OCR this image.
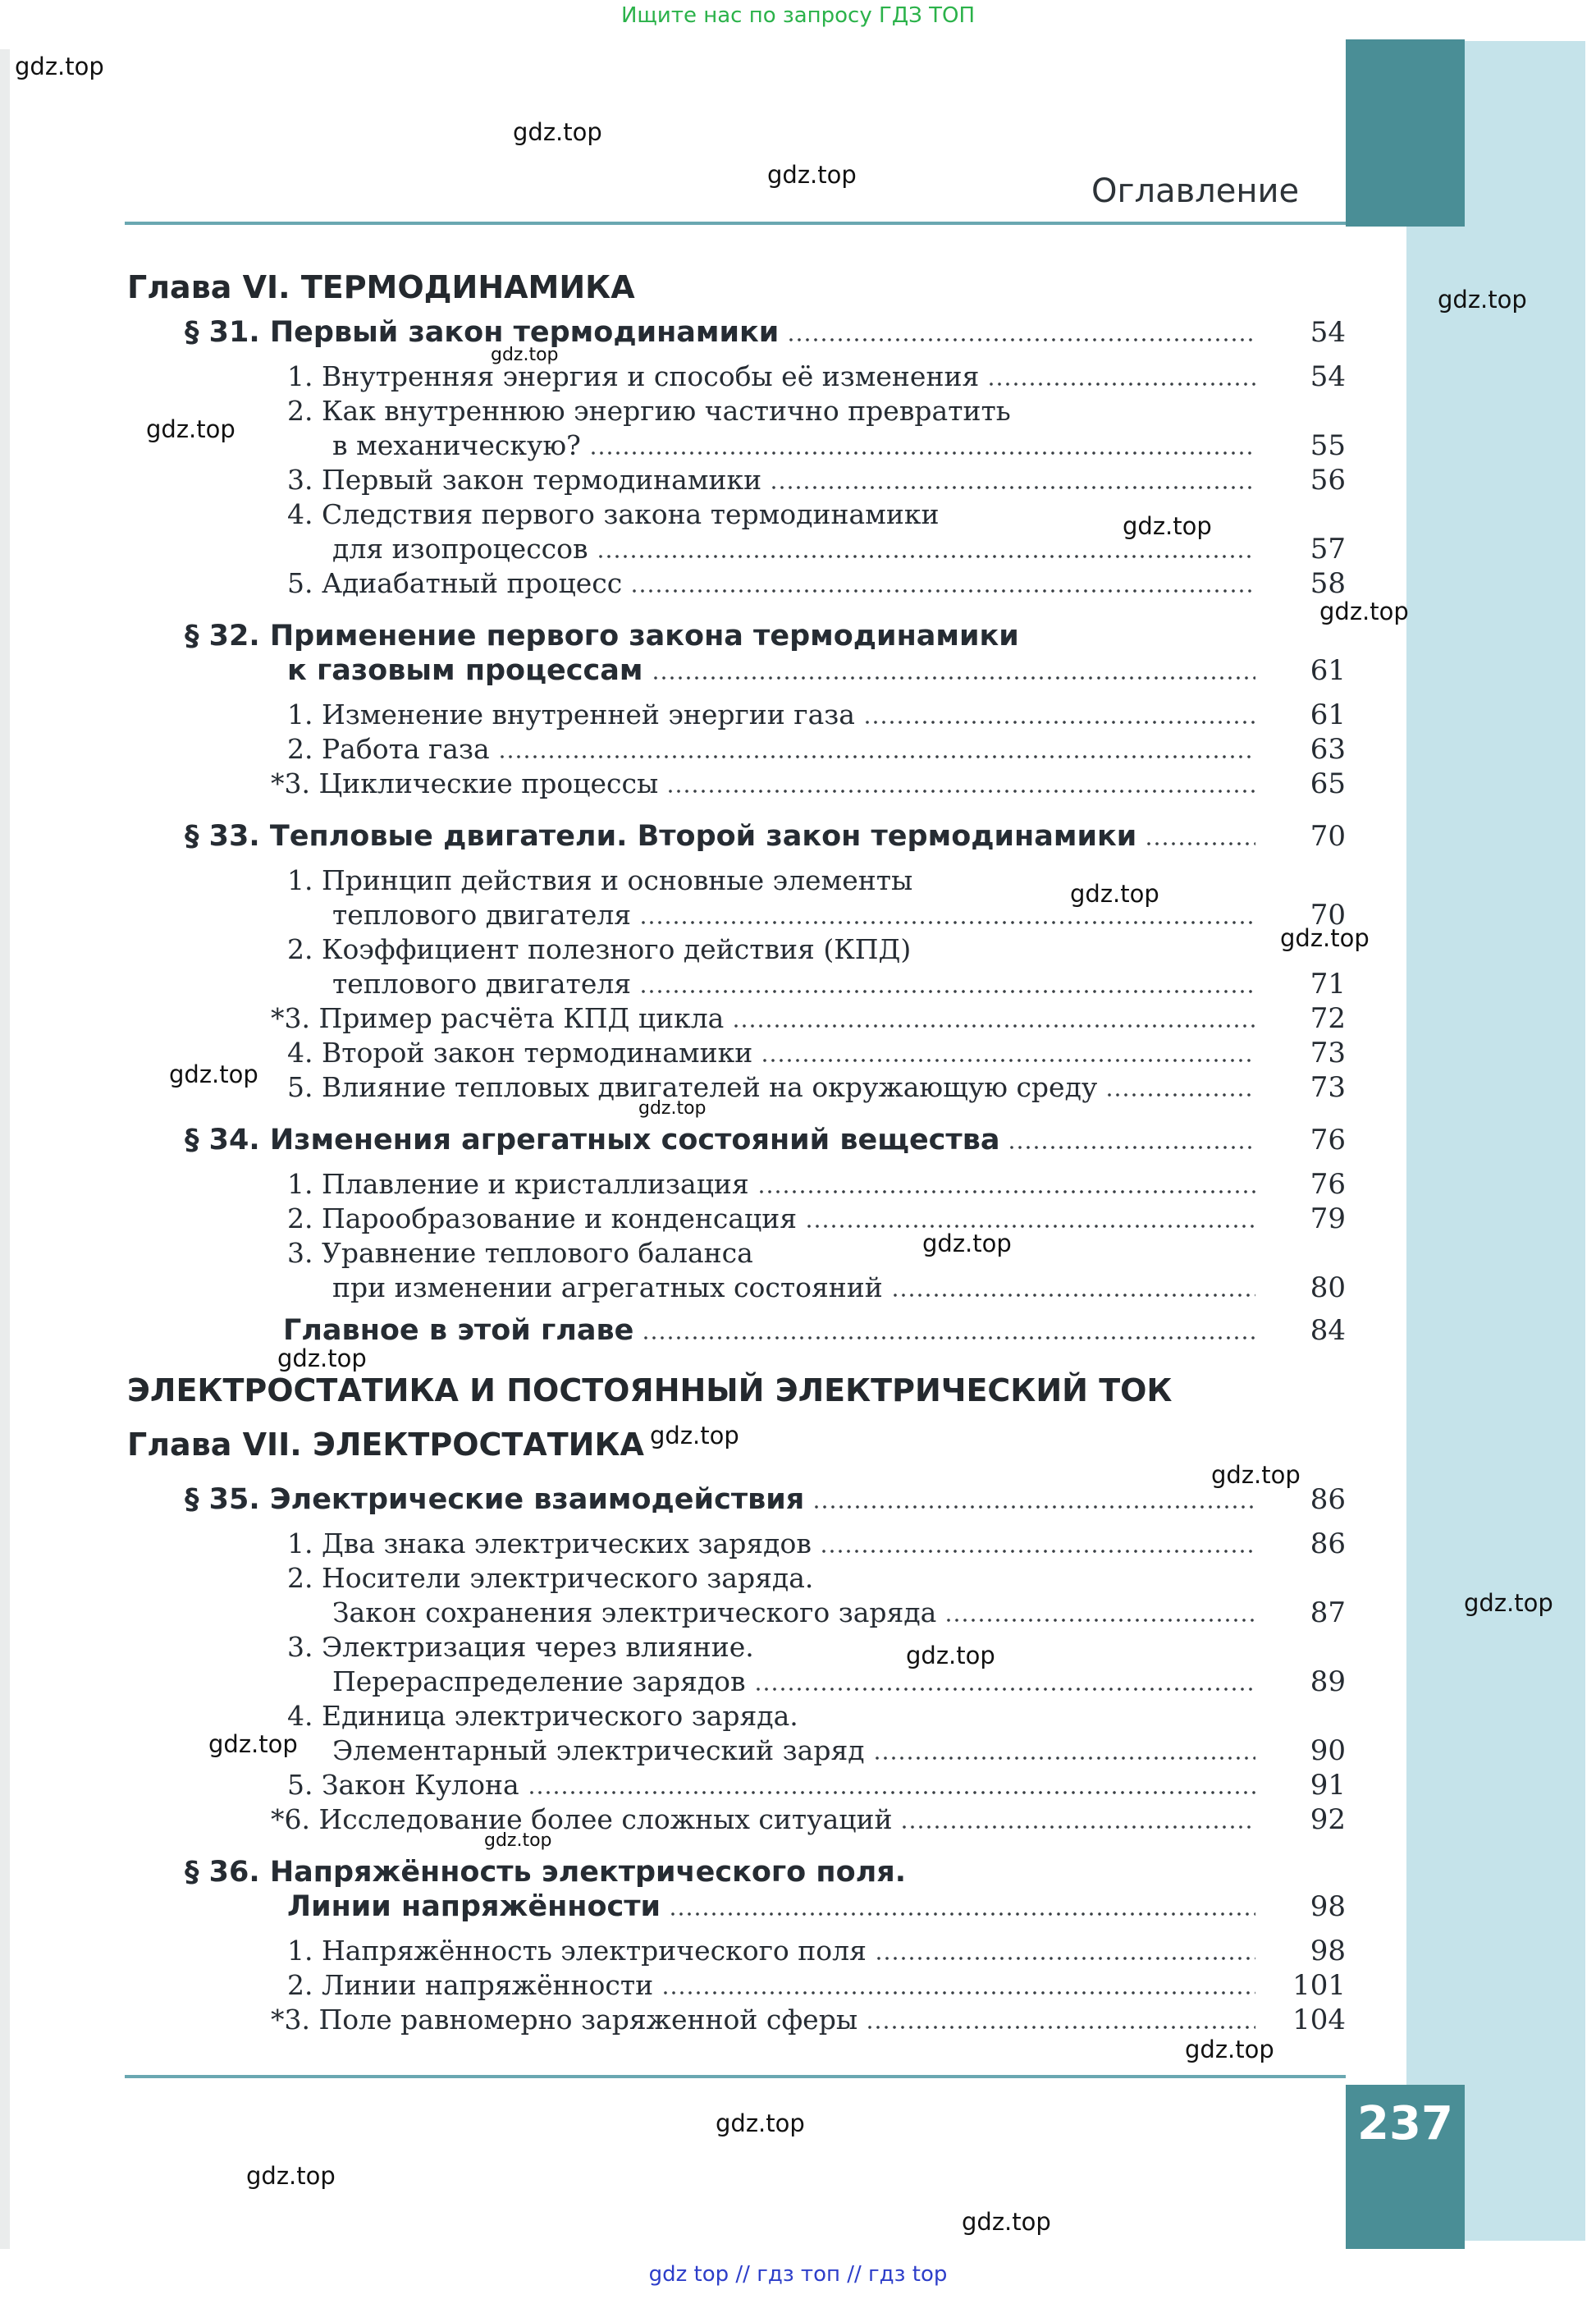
237
Ищите нас по запросу ГДЗ ТОП
gdz top // гдз топ // гдз top
Оглавление
Глава VI. ТЕРМОДИНАМИКА
ЭЛЕКТРОСТАТИКА И ПОСТОЯННЫЙ ЭЛЕКТРИЧЕСКИЙ ТОК
Глава VII. ЭЛЕКТРОСТАТИКА
§ 31. Первый закон термодинамики	54
1. Внутренняя энергия и способы её изменения	54
2. Как внутреннюю энергию частично превратить
в механическую?	55
3. Первый закон термодинамики	56
4. Следствия первого закона термодинамики
для изопроцессов	57
5. Адиабатный процесс	58
§ 32. Применение первого закона термодинамики
к газовым процессам	61
1. Изменение внутренней энергии газа	61
2. Работа газа	63
*3. Циклические процессы	65
§ 33. Тепловые двигатели. Второй закон термодинамики	70
1. Принцип действия и основные элементы
теплового двигателя	70
2. Коэффициент полезного действия (КПД)
теплового двигателя	71
*3. Пример расчёта КПД цикла	72
4. Второй закон термодинамики	73
5. Влияние тепловых двигателей на окружающую среду	73
§ 34. Изменения агрегатных состояний вещества	76
1. Плавление и кристаллизация	76
2. Парообразование и конденсация	79
3. Уравнение теплового баланса
при изменении агрегатных состояний	80
Главное в этой главе	84
§ 35. Электрические взаимодействия	86
1. Два знака электрических зарядов	86
2. Носители электрического заряда.
Закон сохранения электрического заряда	87
3. Электризация через влияние.
Перераспределение зарядов	89
4. Единица электрического заряда.
Элементарный электрический заряд	90
5. Закон Кулона	91
*6. Исследование более сложных ситуаций	92
§ 36. Напряжённость электрического поля.
Линии напряжённости	98
1. Напряжённость электрического поля	98
2. Линии напряжённости	101
*3. Поле равномерно заряженной сферы	104
gdz.top
gdz.top
gdz.top
gdz.top
gdz.top
gdz.top
gdz.top
gdz.top
gdz.top
gdz.top
gdz.top
gdz.top
gdz.top
gdz.top
gdz.top
gdz.top
gdz.top
gdz.top
gdz.top
gdz.top
gdz.top
gdz.top
gdz.top
gdz.top
